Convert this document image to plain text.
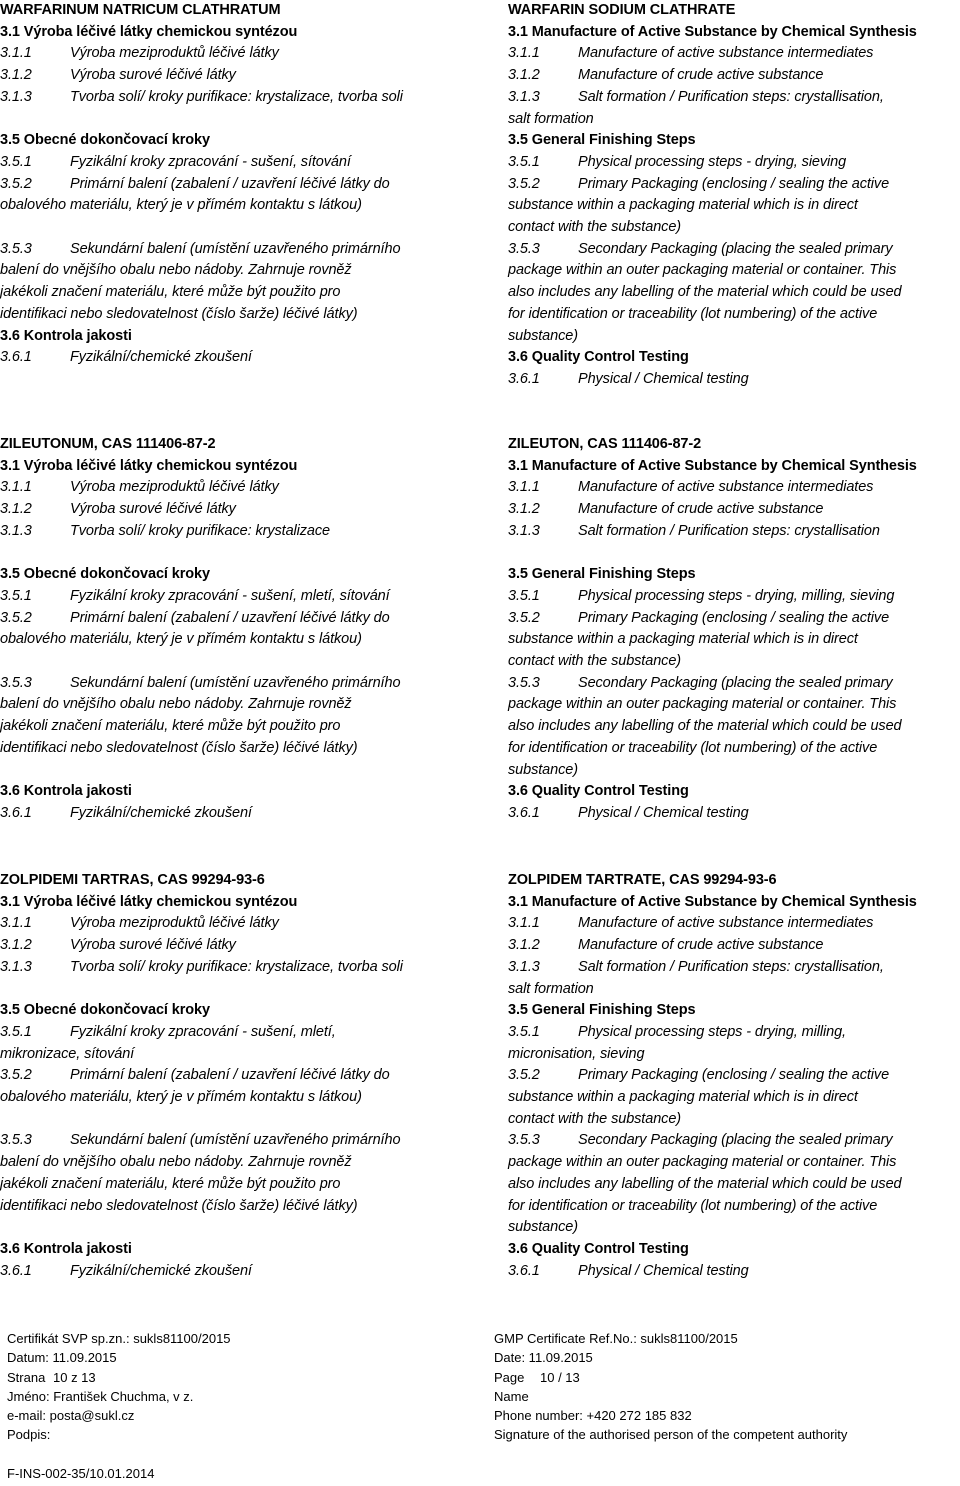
WARFARINUM NATRICUM CLATHRATUM
3.1 Výroba léčivé látky chemickou syntézou
3.1.1	Výroba meziproduktů léčivé látky
3.1.2	Výroba surové léčivé látky
3.1.3	Tvorba solí/ kroky purifikace: krystalizace, tvorba soli
3.5 Obecné dokončovací kroky
3.5.1	Fyzikální kroky zpracování - sušení, sítování
3.5.2	Primární balení (zabalení / uzavření léčivé látky do
obalového materiálu, který je v přímém kontaktu s látkou)
3.5.3	Sekundární balení (umístění uzavřeného primárního
balení do vnějšího obalu nebo nádoby. Zahrnuje rovněž
jakékoli značení materiálu, které může být použito pro
identifikaci nebo sledovatelnost (číslo šarže) léčivé látky)
3.6 Kontrola jakosti
3.6.1	Fyzikální/chemické zkoušení
WARFARIN SODIUM CLATHRATE
3.1 Manufacture of Active Substance by Chemical Synthesis
3.1.1	Manufacture of active substance intermediates
3.1.2	Manufacture of crude active substance
3.1.3	Salt formation / Purification steps: crystallisation,
salt formation
3.5 General Finishing Steps
3.5.1	Physical processing steps - drying, sieving
3.5.2	Primary Packaging (enclosing / sealing the active
substance within a packaging material which is in direct
contact with the substance)
3.5.3	Secondary Packaging (placing the sealed primary
package within an outer packaging material or container. This
also includes any labelling of the material which could be used
for identification or traceability (lot numbering) of the active
substance)
3.6 Quality Control Testing
3.6.1	Physical / Chemical testing
ZILEUTONUM, CAS 111406-87-2
3.1 Výroba léčivé látky chemickou syntézou
3.1.1	Výroba meziproduktů léčivé látky
3.1.2	Výroba surové léčivé látky
3.1.3	Tvorba solí/ kroky purifikace: krystalizace
3.5 Obecné dokončovací kroky
3.5.1	Fyzikální kroky zpracování - sušení, mletí, sítování
3.5.2	Primární balení (zabalení / uzavření léčivé látky do
obalového materiálu, který je v přímém kontaktu s látkou)
3.5.3	Sekundární balení (umístění uzavřeného primárního
balení do vnějšího obalu nebo nádoby. Zahrnuje rovněž
jakékoli značení materiálu, které může být použito pro
identifikaci nebo sledovatelnost (číslo šarže) léčivé látky)
3.6 Kontrola jakosti
3.6.1	Fyzikální/chemické zkoušení
ZILEUTON, CAS 111406-87-2
3.1 Manufacture of Active Substance by Chemical Synthesis
3.1.1	Manufacture of active substance intermediates
3.1.2	Manufacture of crude active substance
3.1.3	Salt formation / Purification steps: crystallisation
3.5 General Finishing Steps
3.5.1	Physical processing steps - drying, milling, sieving
3.5.2	Primary Packaging (enclosing / sealing the active
substance within a packaging material which is in direct
contact with the substance)
3.5.3	Secondary Packaging (placing the sealed primary
package within an outer packaging material or container. This
also includes any labelling of the material which could be used
for identification or traceability (lot numbering) of the active
substance)
3.6 Quality Control Testing
3.6.1	Physical / Chemical testing
ZOLPIDEMI TARTRAS, CAS 99294-93-6
3.1 Výroba léčivé látky chemickou syntézou
3.1.1	Výroba meziproduktů léčivé látky
3.1.2	Výroba surové léčivé látky
3.1.3	Tvorba solí/ kroky purifikace: krystalizace, tvorba soli
3.5 Obecné dokončovací kroky
3.5.1	Fyzikální kroky zpracování - sušení, mletí,
mikronizace, sítování
3.5.2	Primární balení (zabalení / uzavření léčivé látky do
obalového materiálu, který je v přímém kontaktu s látkou)
3.5.3	Sekundární balení (umístění uzavřeného primárního
balení do vnějšího obalu nebo nádoby. Zahrnuje rovněž
jakékoli značení materiálu, které může být použito pro
identifikaci nebo sledovatelnost (číslo šarže) léčivé látky)
3.6 Kontrola jakosti
3.6.1	Fyzikální/chemické zkoušení
ZOLPIDEM TARTRATE, CAS 99294-93-6
3.1 Manufacture of Active Substance by Chemical Synthesis
3.1.1	Manufacture of active substance intermediates
3.1.2	Manufacture of crude active substance
3.1.3	Salt formation / Purification steps: crystallisation,
salt formation
3.5 General Finishing Steps
3.5.1	Physical processing steps - drying, milling,
micronisation, sieving
3.5.2	Primary Packaging (enclosing / sealing the active
substance within a packaging material which is in direct
contact with the substance)
3.5.3	Secondary Packaging (placing the sealed primary
package within an outer packaging material or container. This
also includes any labelling of the material which could be used
for identification or traceability (lot numbering) of the active
substance)
3.6 Quality Control Testing
3.6.1	Physical / Chemical testing
Certifikát SVP sp.zn.: sukls81100/2015
Datum: 11.09.2015
Strana 10 z 13
Jméno: František Chuchma, v z.
e-mail: posta@sukl.cz
Podpis:
GMP Certificate Ref.No.: sukls81100/2015
Date: 11.09.2015
Page 10 / 13
Name
Phone number: +420 272 185 832
Signature of the authorised person of the competent authority
F-INS-002-35/10.01.2014
